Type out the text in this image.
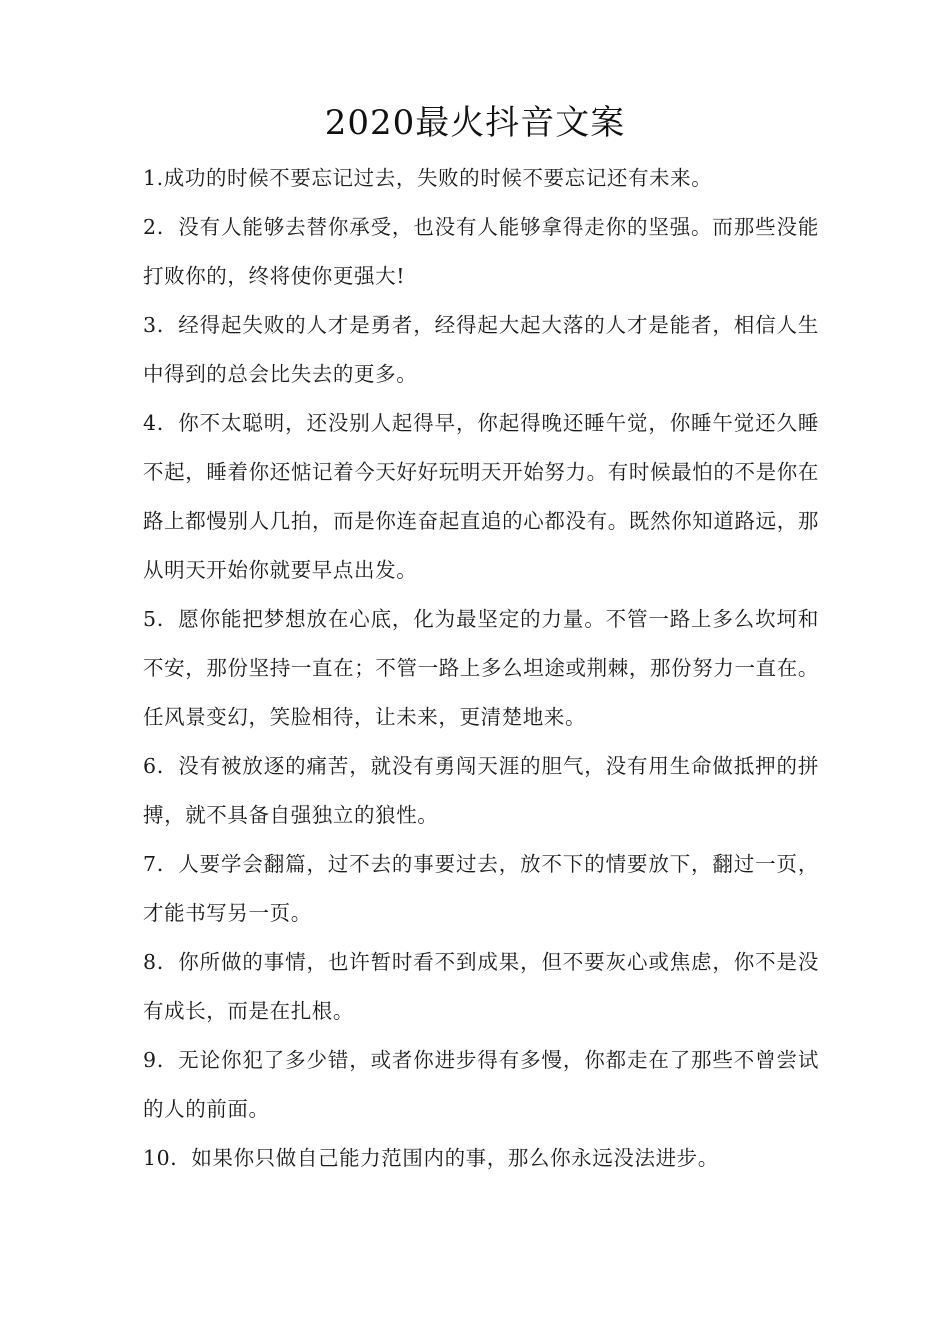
2020最火抖音文案

1.成功的时候不要忘记过去，失败的时候不要忘记还有未来。

2．没有人能够去替你承受，也没有人能够拿得走你的坚强。而那些没能打败你的，终将使你更强大!

3．经得起失败的人才是勇者，经得起大起大落的人才是能者，相信人生中得到的总会比失去的更多。

4．你不太聪明，还没别人起得早，你起得晚还睡午觉，你睡午觉还久睡不起，睡着你还惦记着今天好好玩明天开始努力。有时候最怕的不是你在路上都慢别人几拍，而是你连奋起直追的心都没有。既然你知道路远，那从明天开始你就要早点出发。

5．愿你能把梦想放在心底，化为最坚定的力量。不管一路上多么坎坷和不安，那份坚持一直在；不管一路上多么坦途或荆棘，那份努力一直在。任风景变幻，笑脸相待，让未来，更清楚地来。

6．没有被放逐的痛苦，就没有勇闯天涯的胆气，没有用生命做抵押的拼搏，就不具备自强独立的狼性。

7．人要学会翻篇，过不去的事要过去，放不下的情要放下，翻过一页，才能书写另一页。

8．你所做的事情，也许暂时看不到成果，但不要灰心或焦虑，你不是没有成长，而是在扎根。

9．无论你犯了多少错，或者你进步得有多慢，你都走在了那些不曾尝试的人的前面。

10．如果你只做自己能力范围内的事，那么你永远没法进步。
